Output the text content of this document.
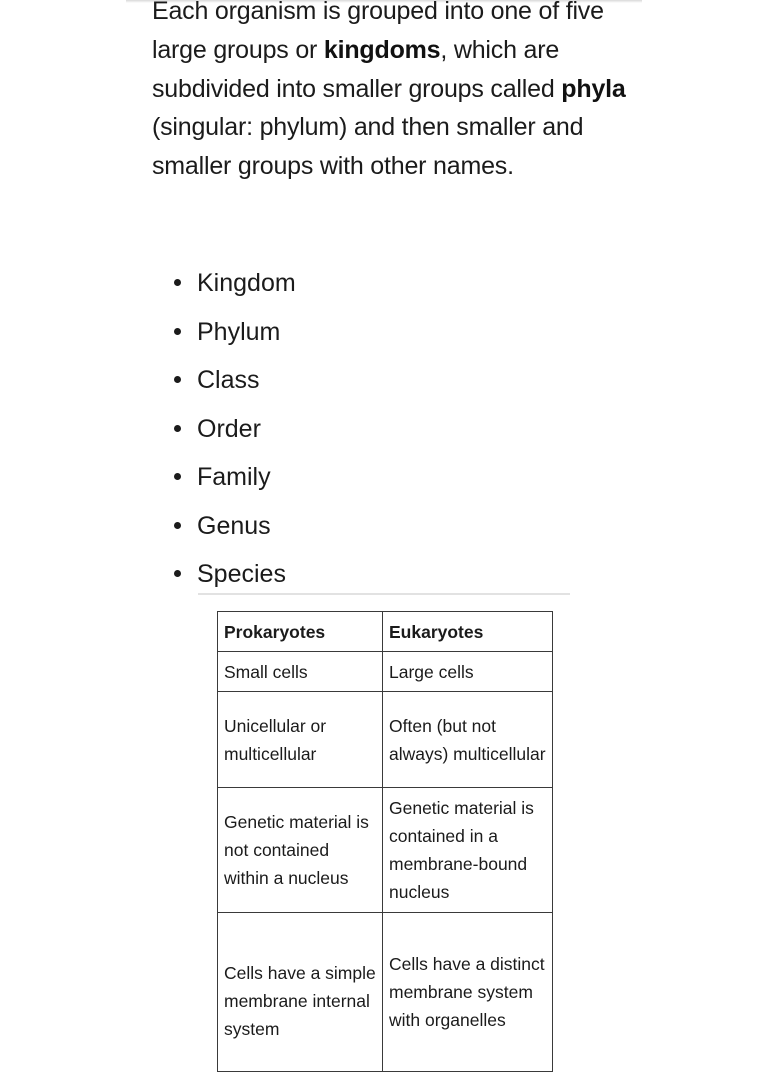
Each organism is grouped into one of five large groups or kingdoms, which are subdivided into smaller groups called phyla (singular: phylum) and then smaller and smaller groups with other names.

Kingdom
Phylum
Class
Order
Family
Genus
Species
Prokaryotes	Eukaryotes
Small cells	Large cells
Unicellular or multicellular	Often (but not always) multicellular
Genetic material is not contained within a nucleus	Genetic material is contained in a membrane-bound nucleus
Cells have a simple membrane internal system	Cells have a distinct membrane system with organelles
